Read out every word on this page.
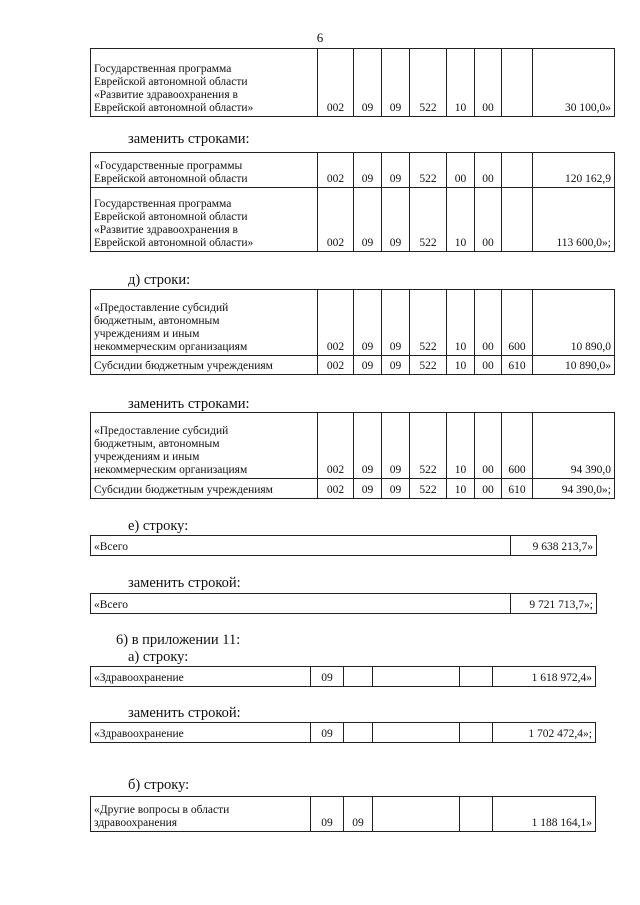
6
Государственная программа
Еврейской автономной области
«Развитие здравоохранения в
Еврейской автономной области»	002	09	09	522	10	00		30 100,0»
заменить строками:
«Государственные программы
Еврейской автономной области	002	09	09	522	00	00		120 162,9
Государственная программа
Еврейской автономной области
«Развитие здравоохранения в
Еврейской автономной области»	002	09	09	522	10	00		113 600,0»;
д) строки:
«Предоставление субсидий
бюджетным, автономным
учреждениям и иным
некоммерческим организациям	002	09	09	522	10	00	600	10 890,0
Субсидии бюджетным учреждениям	002	09	09	522	10	00	610	10 890,0»
заменить строками:
«Предоставление субсидий
бюджетным, автономным
учреждениям и иным
некоммерческим организациям	002	09	09	522	10	00	600	94 390,0
Субсидии бюджетным учреждениям	002	09	09	522	10	00	610	94 390,0»;
е) строку:
«Всего	9 638 213,7»
заменить строкой:
«Всего	9 721 713,7»;
6) в приложении 11:
а) строку:
«Здравоохранение	09				1 618 972,4»
заменить строкой:
«Здравоохранение	09				1 702 472,4»;
б) строку:
«Другие вопросы в области
здравоохранения	09	09			1 188 164,1»
